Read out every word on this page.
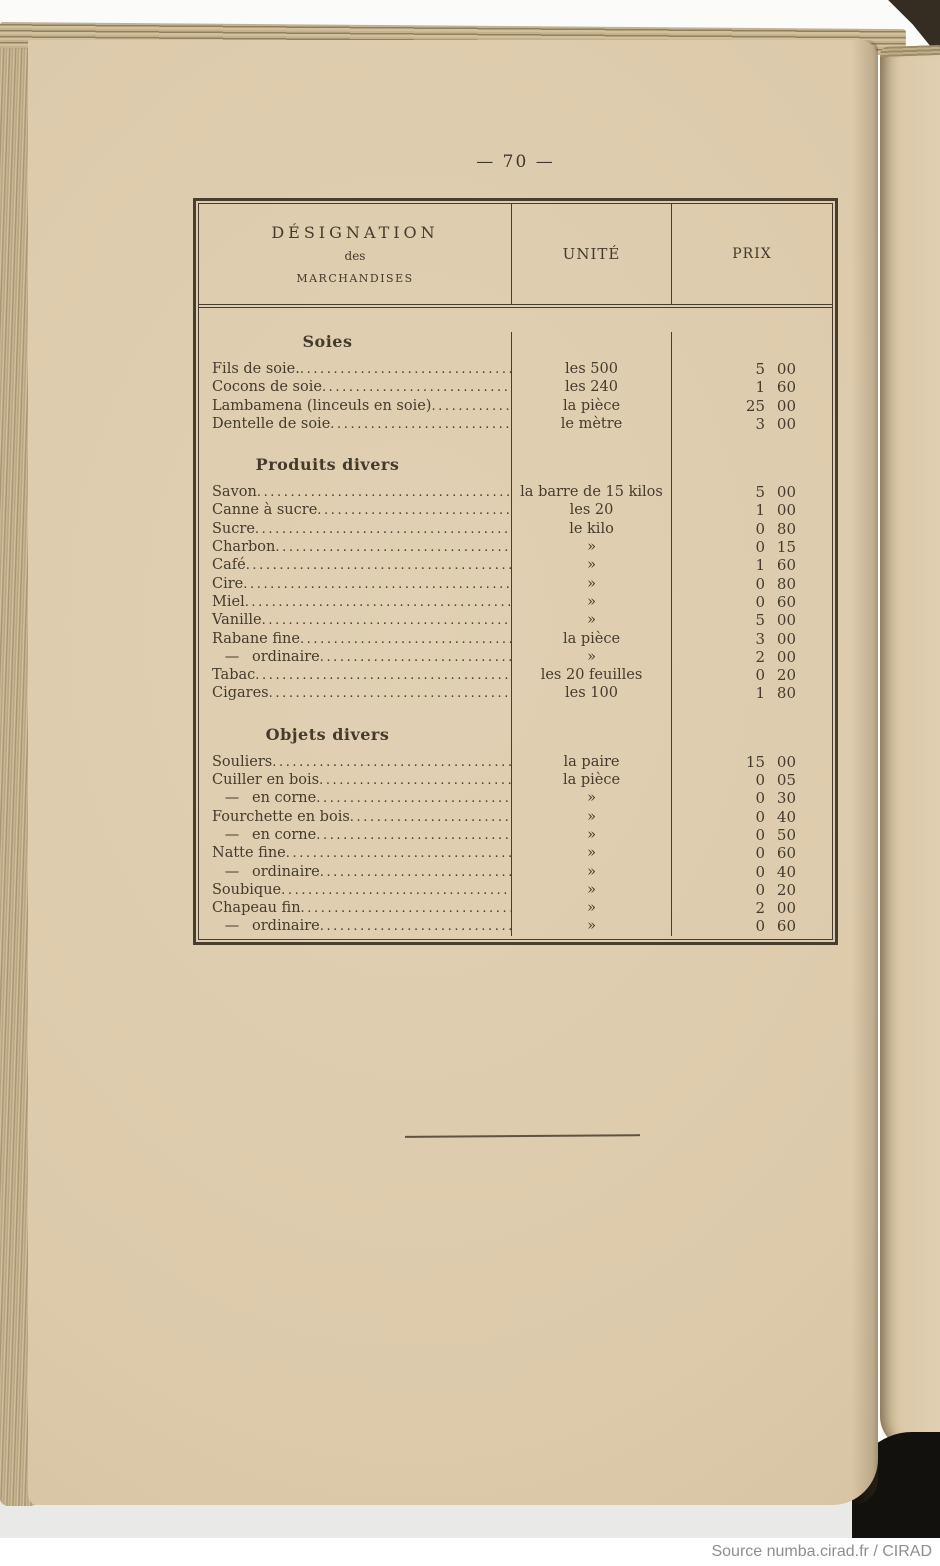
— 70 —
DÉSIGNATION
des
MARCHANDISES
UNITÉ	PRIX
Soies
Fils de soie. .....	les 500	5 00
Cocons de soie .....	les 240	1 60
Lambamena (linceuls en soie) .....	la pièce	25 00
Dentelle de soie .....	le mètre	3 00
Produits divers
Savon .....	la barre de 15 kilos	5 00
Canne à sucre .....	les 20	1 00
Sucre .....	le kilo	0 80
Charbon .....	»	0 15
Café .....	»	1 60
Cire .....	»	0 80
Miel .....	»	0 60
Vanille .....	»	5 00
Rabane fine .....	la pièce	3 00
— ordinaire .....	»	2 00
Tabac .....	les 20 feuilles	0 20
Cigares .....	les 100	1 80
Objets divers
Souliers .....	la paire	15 00
Cuiller en bois .....	la pièce	0 05
— en corne .....	»	0 30
Fourchette en bois .....	»	0 40
— en corne .....	»	0 50
Natte fine .....	»	0 60
— ordinaire .....	»	0 40
Soubique .....	»	0 20
Chapeau fin .....	»	2 00
— ordinaire .....	»	0 60
Source numba.cirad.fr / CIRAD
